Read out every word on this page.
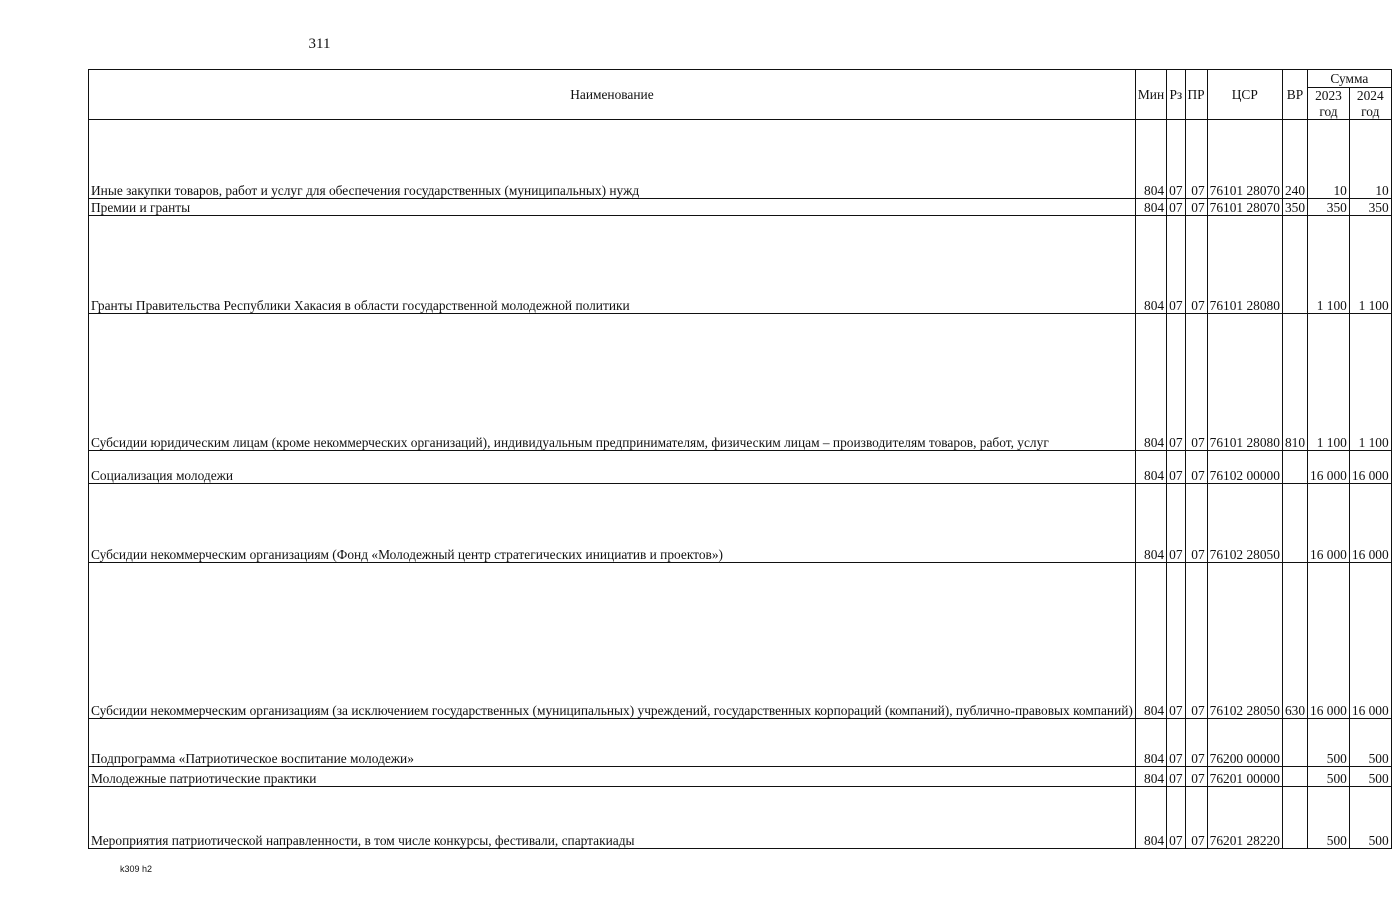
311
Наименование	Мин	Рз	ПР	ЦСР	ВР	Сумма	
						2023 год	2024 год
Иные закупки товаров, работ и услуг для обеспечения государственных (муниципальных) нужд	804	07	07	76101 28070	240	10	10
Премии и гранты	804	07	07	76101 28070	350	350	350
Гранты Правительства Республики Хакасия в области государственной молодежной политики	804	07	07	76101 28080		1 100	1 100
Субсидии юридическим лицам (кроме некоммерческих организаций), индивидуальным предпринимателям, физическим лицам – производителям товаров, работ, услуг	804	07	07	76101 28080	810	1 100	1 100
Социализация молодежи	804	07	07	76102 00000		16 000	16 000
Субсидии некоммерческим организациям (Фонд «Молодежный центр стратегических инициатив и проектов»)	804	07	07	76102 28050		16 000	16 000
Субсидии некоммерческим организациям (за исключением государственных (муниципальных) учреждений, государственных корпораций (компаний), публично-правовых компаний)	804	07	07	76102 28050	630	16 000	16 000
Подпрограмма «Патриотическое воспитание молодежи»	804	07	07	76200 00000		500	500
Молодежные патриотические практики	804	07	07	76201 00000		500	500
Мероприятия патриотической направленности, в том числе конкурсы, фестивали, спартакиады	804	07	07	76201 28220		500	500
k309 h2
